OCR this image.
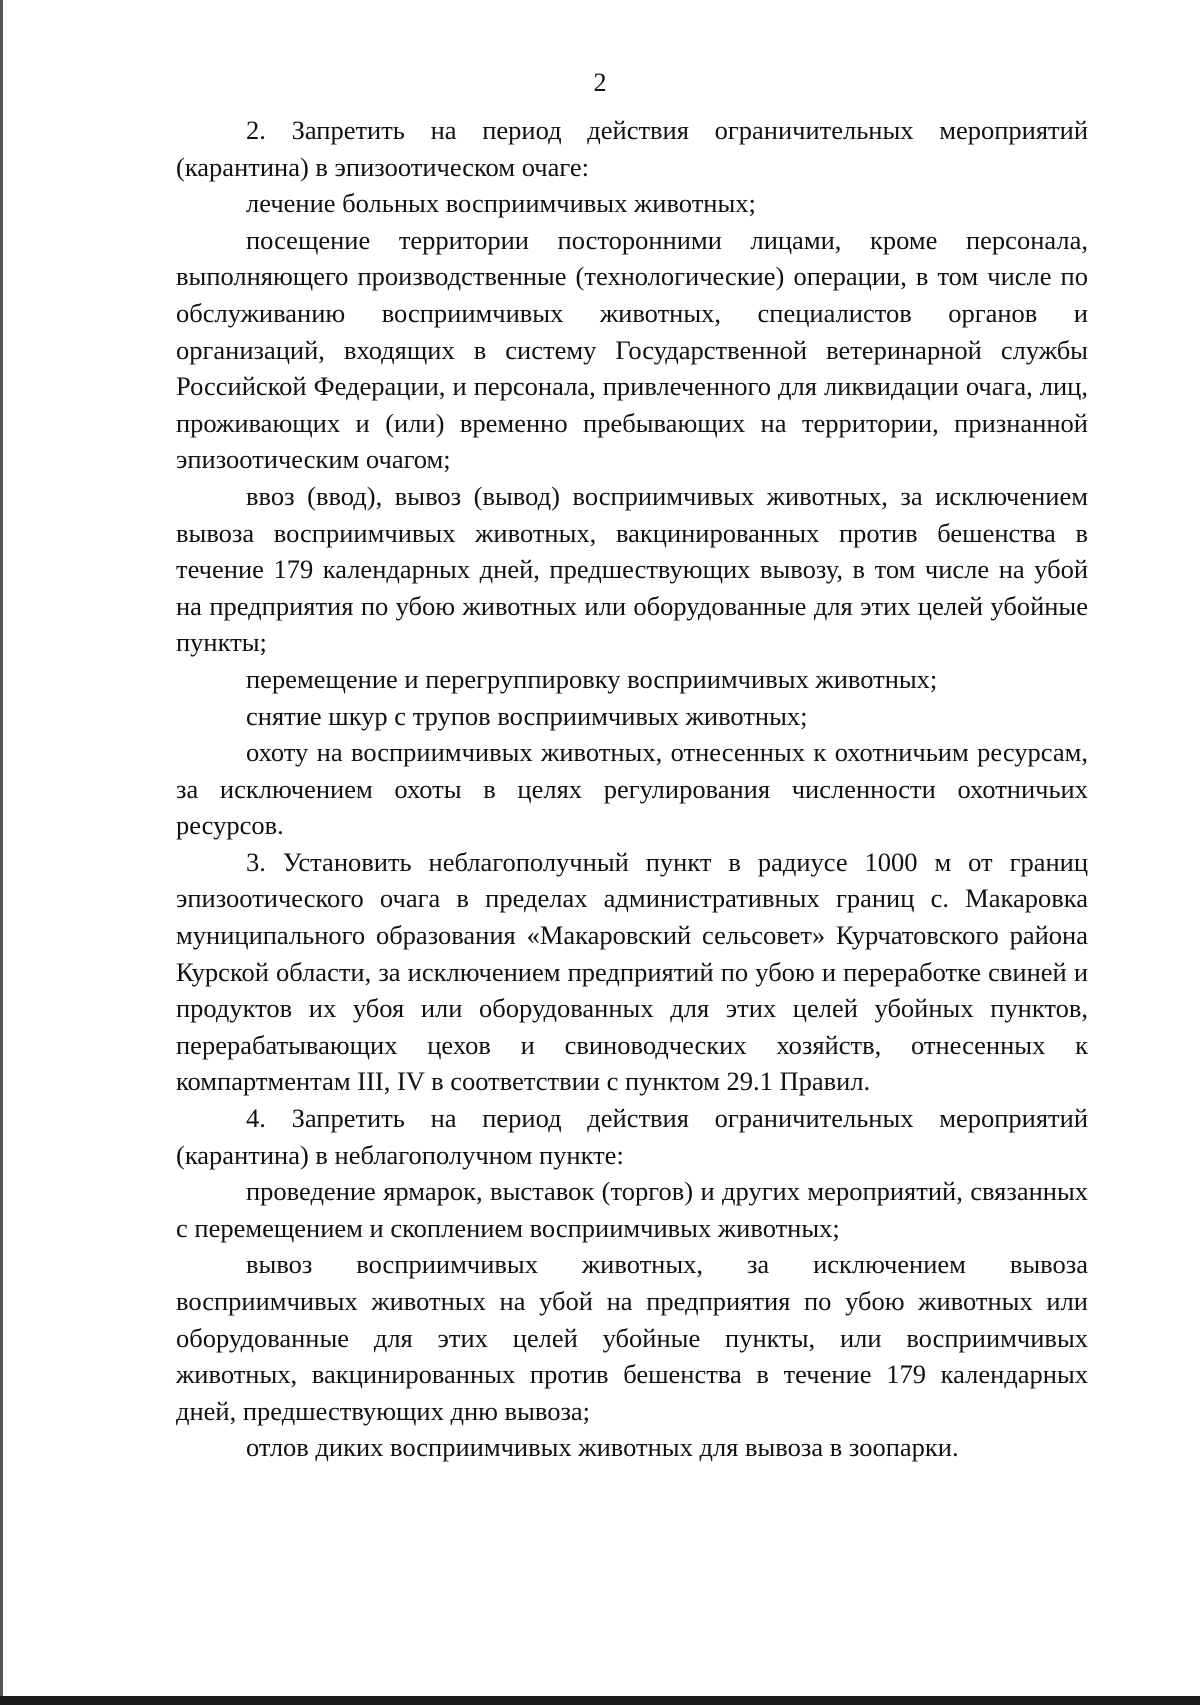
2

2. Запретить на период действия ограничительных мероприятий (карантина) в эпизоотическом очаге:

лечение больных восприимчивых животных;

посещение территории посторонними лицами, кроме персонала, выполняющего производственные (технологические) операции, в том числе по обслуживанию восприимчивых животных, специалистов органов и организаций, входящих в систему Государственной ветеринарной службы Российской Федерации, и персонала, привлеченного для ликвидации очага, лиц, проживающих и (или) временно пребывающих на территории, признанной эпизоотическим очагом;

ввоз (ввод), вывоз (вывод) восприимчивых животных, за исключением вывоза восприимчивых животных, вакцинированных против бешенства в течение 179 календарных дней, предшествующих вывозу, в том числе на убой на предприятия по убою животных или оборудованные для этих целей убойные пункты;

перемещение и перегруппировку восприимчивых животных;

снятие шкур с трупов восприимчивых животных;

охоту на восприимчивых животных, отнесенных к охотничьим ресурсам, за исключением охоты в целях регулирования численности охотничьих ресурсов.

3. Установить неблагополучный пункт в радиусе 1000 м от границ эпизоотического очага в пределах административных границ с. Макаровка муниципального образования «Макаровский сельсовет» Курчатовского района Курской области, за исключением предприятий по убою и переработке свиней и продуктов их убоя или оборудованных для этих целей убойных пунктов, перерабатывающих цехов и свиноводческих хозяйств, отнесенных к компартментам III, IV в соответствии с пунктом 29.1 Правил.

4. Запретить на период действия ограничительных мероприятий (карантина) в неблагополучном пункте:

проведение ярмарок, выставок (торгов) и других мероприятий, связанных с перемещением и скоплением восприимчивых животных;

вывоз восприимчивых животных, за исключением вывоза восприимчивых животных на убой на предприятия по убою животных или оборудованные для этих целей убойные пункты, или восприимчивых животных, вакцинированных против бешенства в течение 179 календарных дней, предшествующих дню вывоза;

отлов диких восприимчивых животных для вывоза в зоопарки.
